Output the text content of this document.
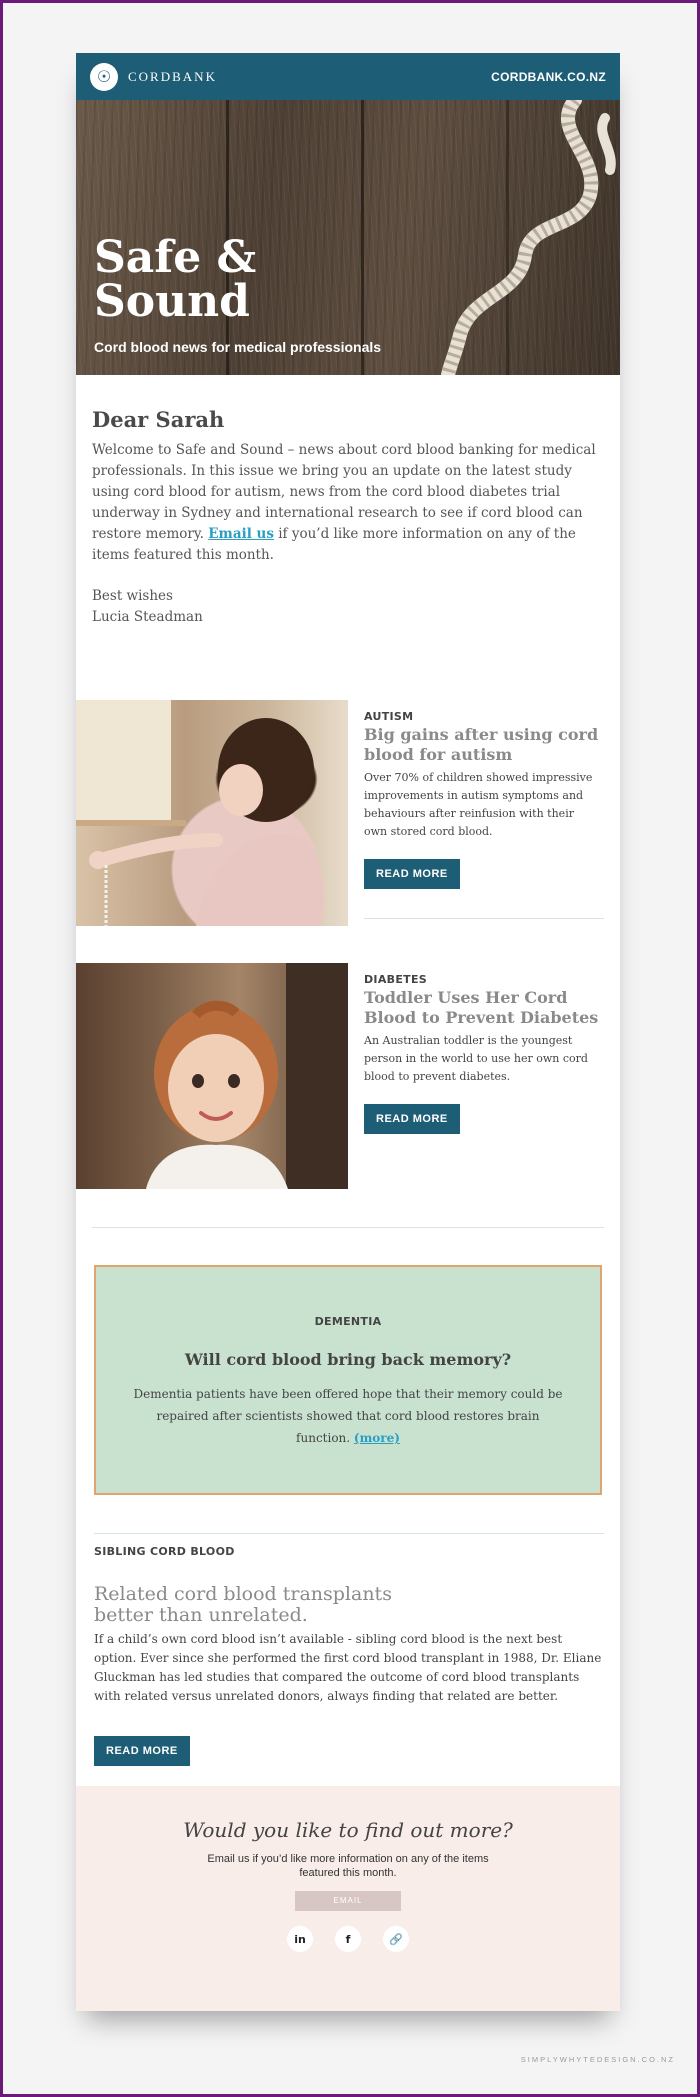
☉	CORDBANK	CORDBANK.CO.NZ
Safe &
Sound

Cord blood news for medical professionals

Dear Sarah

Welcome to Safe and Sound – news about cord blood banking for medical professionals. In this issue we bring you an update on the latest study using cord blood for autism, news from the cord blood diabetes trial underway in Sydney and international research to see if cord blood can restore memory. Email us if you’d like more information on any of the items featured this month.

Best wishes
Lucia Steadman
AUTISM
Big gains after using cord blood for autism

Over 70% of children showed impressive improvements in autism symptoms and behaviours after reinfusion with their own stored cord blood.

READ MORE
DIABETES
Toddler Uses Her Cord Blood to Prevent Diabetes

An Australian toddler is the youngest person in the world to use her own cord blood to prevent diabetes.

READ MORE
DEMENTIA
Will cord blood bring back memory?

Dementia patients have been offered hope that their memory could be repaired after scientists showed that cord blood restores brain function. (more)

SIBLING CORD BLOOD
Related cord blood transplants better than unrelated.

If a child’s own cord blood isn’t available - sibling cord blood is the next best option. Ever since she performed the first cord blood transplant in 1988, Dr. Eliane Gluckman has led studies that compared the outcome of cord blood transplants with related versus unrelated donors, always finding that related are better.

READ MORE
Would you like to find out more?

Email us if you’d like more information on any of the items featured this month.

EMAIL
in	f	🔗
SIMPLYWHYTEDESIGN.CO.NZ
